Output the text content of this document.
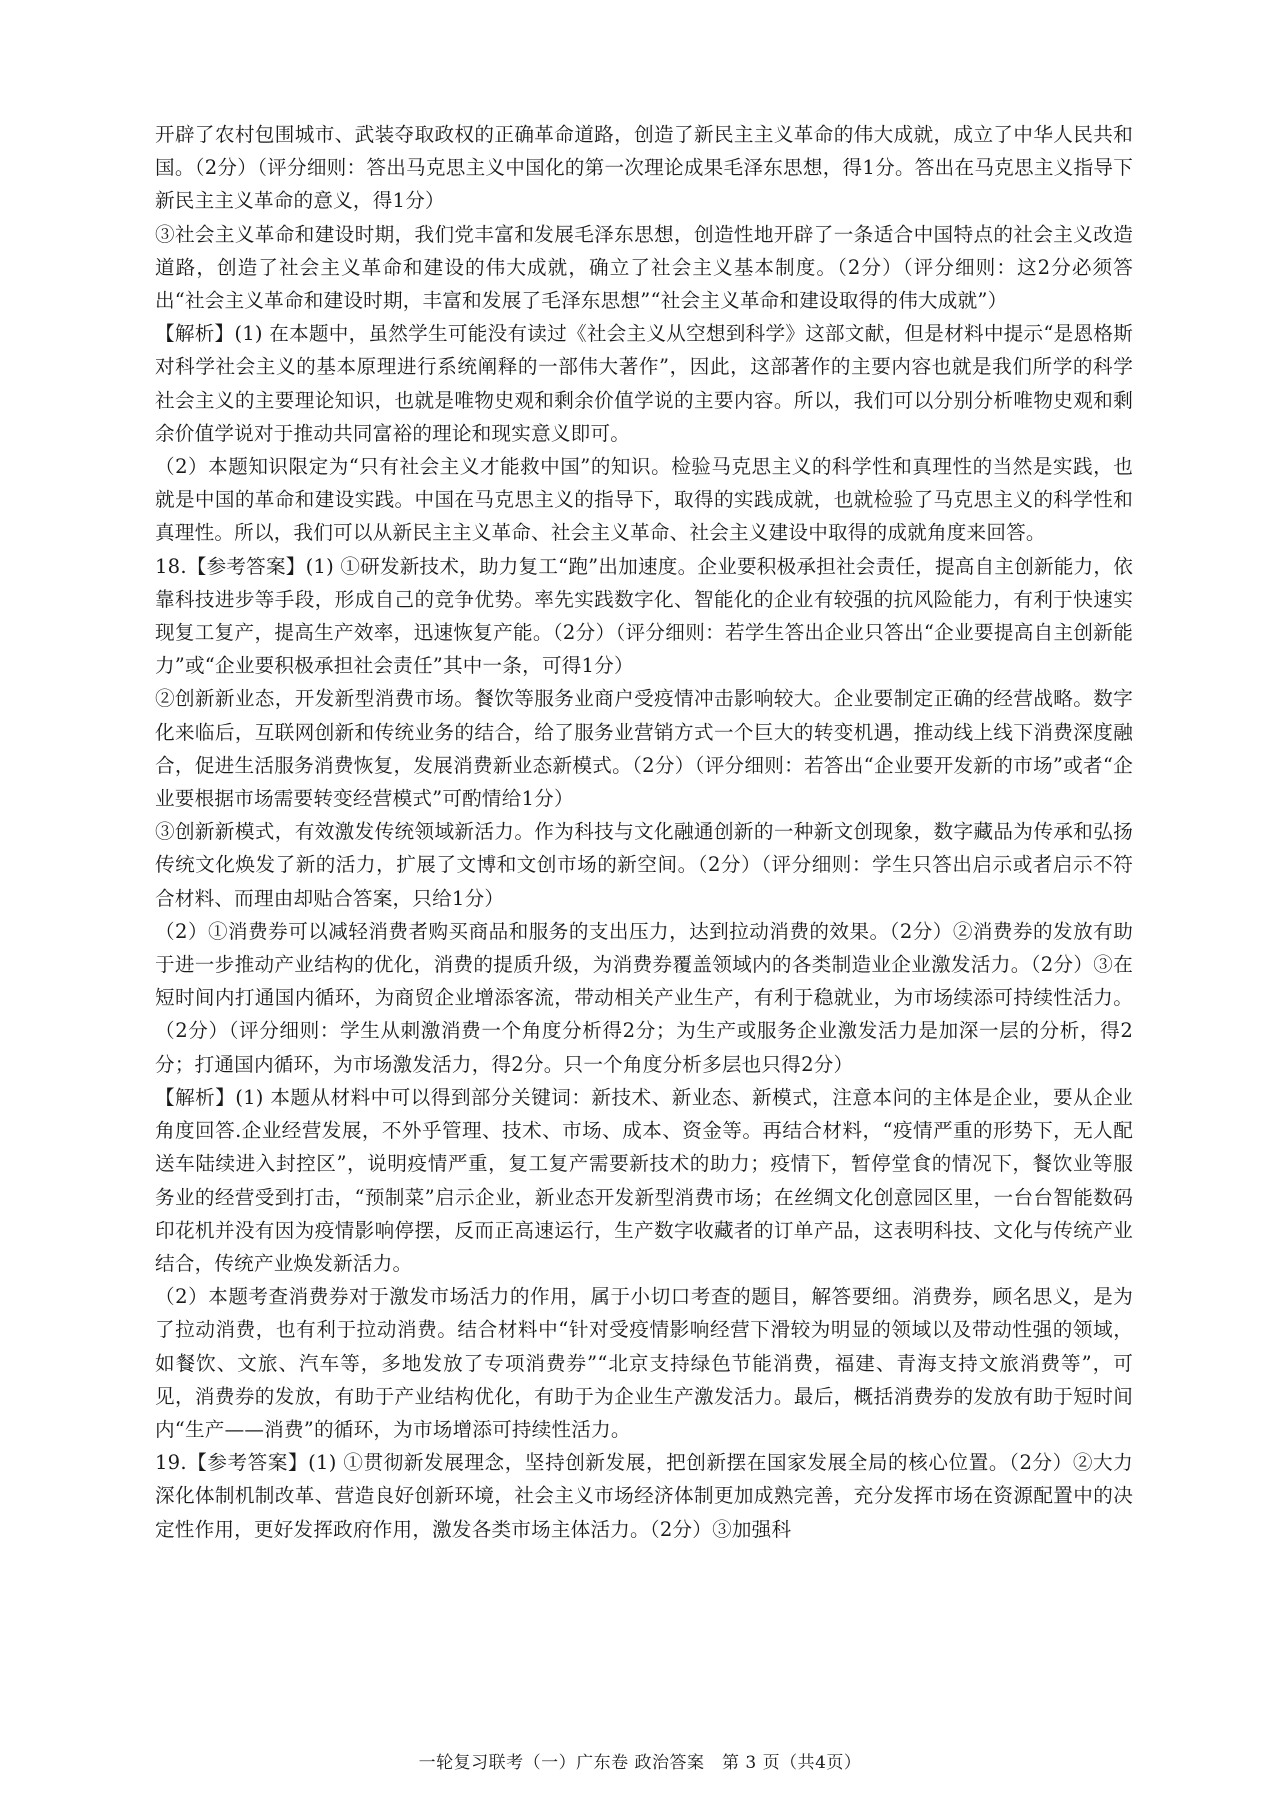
开辟了农村包围城市、武装夺取政权的正确革命道路，创造了新民主主义革命的伟大成就，成立了中华人民共和国。（2分）（评分细则：答出马克思主义中国化的第一次理论成果毛泽东思想，得1分。答出在马克思主义指导下新民主主义革命的意义，得1分）

③社会主义革命和建设时期，我们党丰富和发展毛泽东思想，创造性地开辟了一条适合中国特点的社会主义改造道路，创造了社会主义革命和建设的伟大成就，确立了社会主义基本制度。（2分）（评分细则：这2分必须答出“社会主义革命和建设时期，丰富和发展了毛泽东思想”“社会主义革命和建设取得的伟大成就”）

【解析】(1) 在本题中，虽然学生可能没有读过《社会主义从空想到科学》这部文献，但是材料中提示“是恩格斯对科学社会主义的基本原理进行系统阐释的一部伟大著作”，因此，这部著作的主要内容也就是我们所学的科学社会主义的主要理论知识，也就是唯物史观和剩余价值学说的主要内容。所以，我们可以分别分析唯物史观和剩余价值学说对于推动共同富裕的理论和现实意义即可。

（2）本题知识限定为“只有社会主义才能救中国”的知识。检验马克思主义的科学性和真理性的当然是实践，也就是中国的革命和建设实践。中国在马克思主义的指导下，取得的实践成就，也就检验了马克思主义的科学性和真理性。所以，我们可以从新民主主义革命、社会主义革命、社会主义建设中取得的成就角度来回答。

18.【参考答案】(1) ①研发新技术，助力复工“跑”出加速度。企业要积极承担社会责任，提高自主创新能力，依靠科技进步等手段，形成自己的竞争优势。率先实践数字化、智能化的企业有较强的抗风险能力，有利于快速实现复工复产，提高生产效率，迅速恢复产能。（2分）（评分细则：若学生答出企业只答出“企业要提高自主创新能力”或“企业要积极承担社会责任”其中一条，可得1分）

②创新新业态，开发新型消费市场。餐饮等服务业商户受疫情冲击影响较大。企业要制定正确的经营战略。数字化来临后，互联网创新和传统业务的结合，给了服务业营销方式一个巨大的转变机遇，推动线上线下消费深度融合，促进生活服务消费恢复，发展消费新业态新模式。（2分）（评分细则：若答出“企业要开发新的市场”或者“企业要根据市场需要转变经营模式”可酌情给1分）

③创新新模式，有效激发传统领域新活力。作为科技与文化融通创新的一种新文创现象，数字藏品为传承和弘扬传统文化焕发了新的活力，扩展了文博和文创市场的新空间。（2分）（评分细则：学生只答出启示或者启示不符合材料、而理由却贴合答案，只给1分）

（2）①消费券可以减轻消费者购买商品和服务的支出压力，达到拉动消费的效果。（2分）②消费券的发放有助于进一步推动产业结构的优化，消费的提质升级，为消费券覆盖领域内的各类制造业企业激发活力。（2分）③在短时间内打通国内循环，为商贸企业增添客流，带动相关产业生产，有利于稳就业，为市场续添可持续性活力。（2分）（评分细则：学生从刺激消费一个角度分析得2分；为生产或服务企业激发活力是加深一层的分析，得2分；打通国内循环，为市场激发活力，得2分。只一个角度分析多层也只得2分）

【解析】(1) 本题从材料中可以得到部分关键词：新技术、新业态、新模式，注意本问的主体是企业，要从企业角度回答.企业经营发展，不外乎管理、技术、市场、成本、资金等。再结合材料，“疫情严重的形势下，无人配送车陆续进入封控区”，说明疫情严重，复工复产需要新技术的助力；疫情下，暂停堂食的情况下，餐饮业等服务业的经营受到打击，“预制菜”启示企业，新业态开发新型消费市场；在丝绸文化创意园区里，一台台智能数码印花机并没有因为疫情影响停摆，反而正高速运行，生产数字收藏者的订单产品，这表明科技、文化与传统产业结合，传统产业焕发新活力。

（2）本题考查消费券对于激发市场活力的作用，属于小切口考查的题目，解答要细。消费券，顾名思义，是为了拉动消费，也有利于拉动消费。结合材料中“针对受疫情影响经营下滑较为明显的领域以及带动性强的领域，如餐饮、文旅、汽车等，多地发放了专项消费券”“北京支持绿色节能消费，福建、青海支持文旅消费等”，可见，消费券的发放，有助于产业结构优化，有助于为企业生产激发活力。最后，概括消费券的发放有助于短时间内“生产——消费”的循环，为市场增添可持续性活力。

19.【参考答案】(1) ①贯彻新发展理念，坚持创新发展，把创新摆在国家发展全局的核心位置。（2分）②大力深化体制机制改革、营造良好创新环境，社会主义市场经济体制更加成熟完善，充分发挥市场在资源配置中的决定性作用，更好发挥政府作用，激发各类市场主体活力。（2分）③加强科

一轮复习联考（一）广东卷 政治答案　第 3 页（共4页）
